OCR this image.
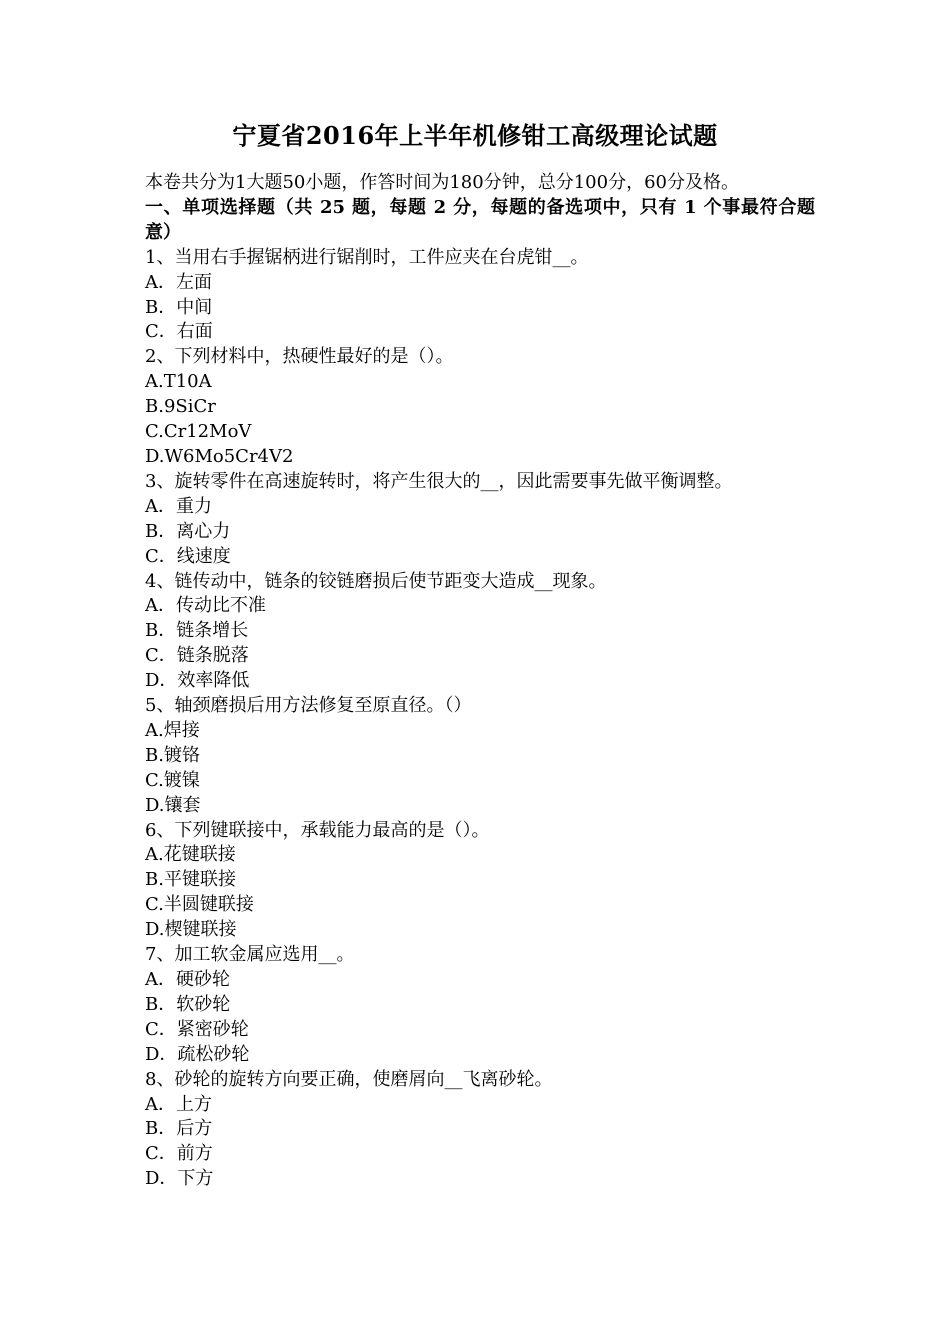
宁夏省2016年上半年机修钳工高级理论试题
本卷共分为1大题50小题，作答时间为180分钟，总分100分，60分及格。
一、单项选择题（共 25 题，每题 2 分，每题的备选项中，只有 1 个事最符合题意）
1、当用右手握锯柄进行锯削时，工件应夹在台虎钳__。
A．左面
B．中间
C．右面
2、下列材料中，热硬性最好的是（）。
A.T10A
B.9SiCr
C.Cr12MoV
D.W6Mo5Cr4V2
3、旋转零件在高速旋转时，将产生很大的__，因此需要事先做平衡调整。
A．重力
B．离心力
C．线速度
4、链传动中，链条的铰链磨损后使节距变大造成__现象。
A．传动比不准
B．链条增长
C．链条脱落
D．效率降低
5、轴颈磨损后用方法修复至原直径。（）
A.焊接
B.镀铬
C.镀镍
D.镶套
6、下列键联接中，承载能力最高的是（）。
A.花键联接
B.平键联接
C.半圆键联接
D.楔键联接
7、加工软金属应选用__。
A．硬砂轮
B．软砂轮
C．紧密砂轮
D．疏松砂轮
8、砂轮的旋转方向要正确，使磨屑向__飞离砂轮。
A．上方
B．后方
C．前方
D．下方
